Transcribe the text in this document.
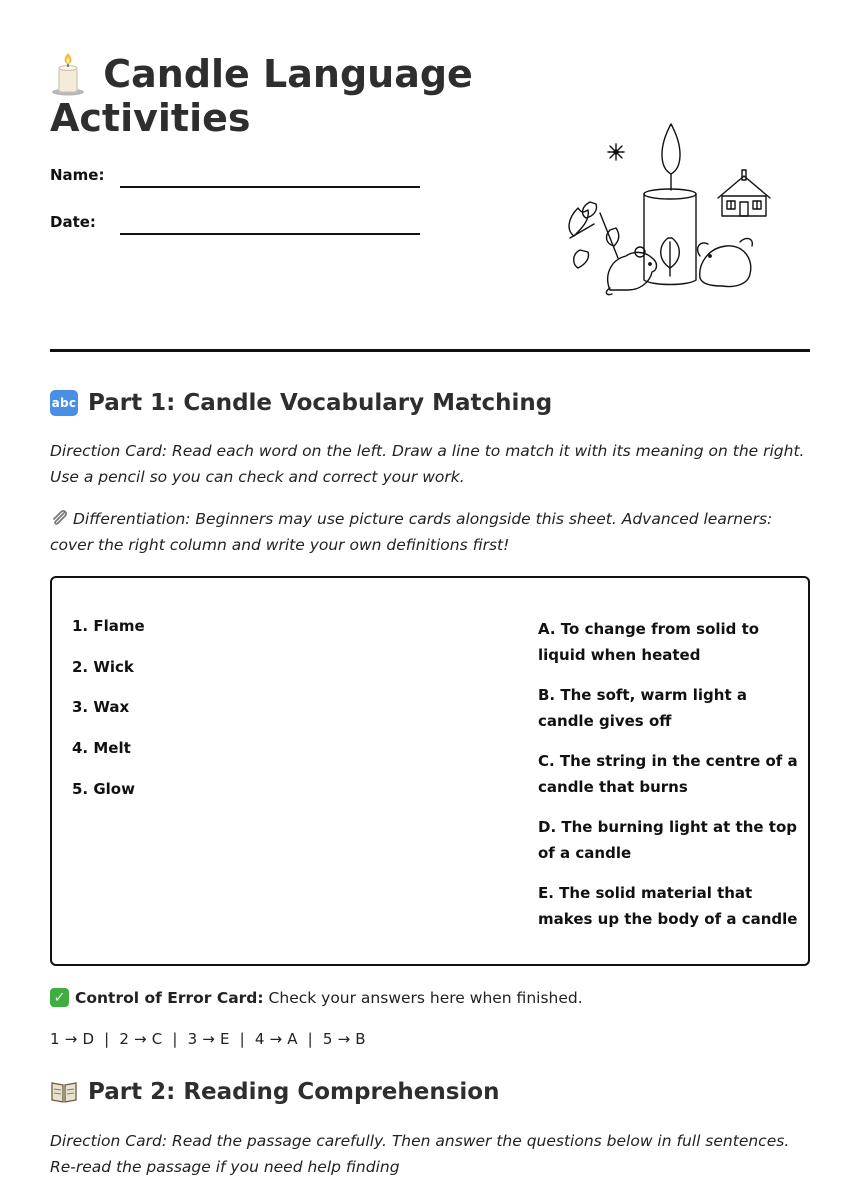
Candle Language
Activities
Name:
Date:
abc Part 1: Candle Vocabulary Matching
Direction Card: Read each word on the left. Draw a line to match it with its meaning on the right. Use a pencil so you can check and correct your work.
Differentiation: Beginners may use picture cards alongside this sheet. Advanced learners: cover the right column and write your own definitions first!
1. Flame
2. Wick
3. Wax
4. Melt
5. Glow
A. To change from solid to liquid when heated
B. The soft, warm light a candle gives off
C. The string in the centre of a candle that burns
D. The burning light at the top of a candle
E. The solid material that makes up the body of a candle
✓ Control of Error Card: Check your answers here when finished.
1 → D  |  2 → C  |  3 → E  |  4 → A  |  5 → B
Part 2: Reading Comprehension
Direction Card: Read the passage carefully. Then answer the questions below in full sentences. Re-read the passage if you need help finding
